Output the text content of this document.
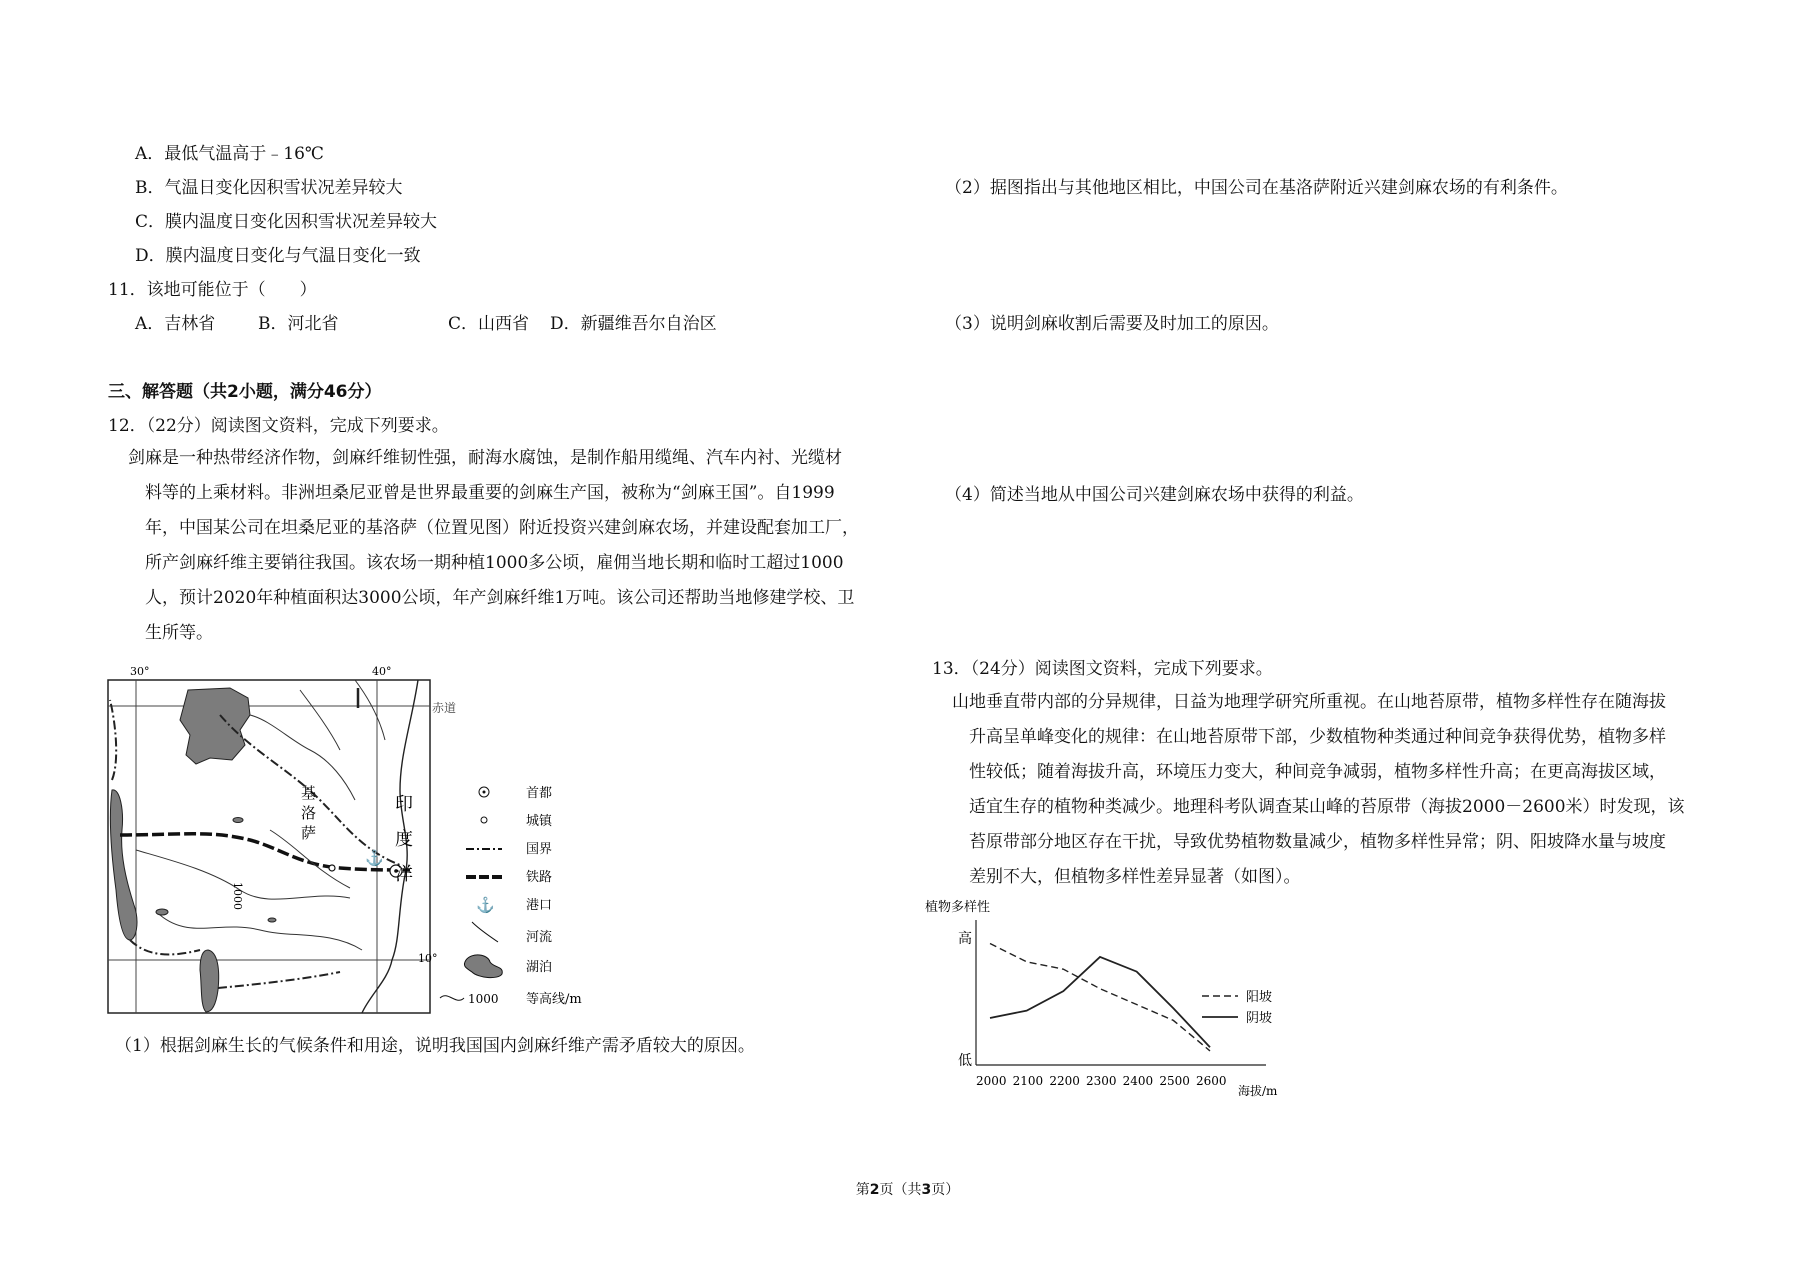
A．最低气温高于﹣16℃
B．气温日变化因积雪状况差异较大
C．膜内温度日变化因积雪状况差异较大
D．膜内温度日变化与气温日变化一致
11．该地可能位于（　　）
A．吉林省	B．河北省	C．山西省 D．新疆维吾尔自治区
三、解答题（共2小题，满分46分）
12．（22分）阅读图文资料，完成下列要求。
剑麻是一种热带经济作物，剑麻纤维韧性强，耐海水腐蚀，是制作船用缆绳、汽车内衬、光缆材
料等的上乘材料。非洲坦桑尼亚曾是世界最重要的剑麻生产国，被称为“剑麻王国”。自1999
年，中国某公司在坦桑尼亚的基洛萨（位置见图）附近投资兴建剑麻农场，并建设配套加工厂，
所产剑麻纤维主要销往我国。该农场一期种植1000多公顷，雇佣当地长期和临时工超过1000
人，预计2020年种植面积达3000公顷，年产剑麻纤维1万吨。该公司还帮助当地修建学校、卫
生所等。
30°	40°
赤道
10°
1000
基
洛
萨
⚓
印
度
洋
首都
城镇
国界
铁路
⚓ 港口
河流
湖泊
1000 等高线/m
（1）根据剑麻生长的气候条件和用途，说明我国国内剑麻纤维产需矛盾较大的原因。
（2）据图指出与其他地区相比，中国公司在基洛萨附近兴建剑麻农场的有利条件。
（3）说明剑麻收割后需要及时加工的原因。
（4）简述当地从中国公司兴建剑麻农场中获得的利益。
13．（24分）阅读图文资料，完成下列要求。
山地垂直带内部的分异规律，日益为地理学研究所重视。在山地苔原带，植物多样性存在随海拔
升高呈单峰变化的规律：在山地苔原带下部，少数植物种类通过种间竞争获得优势，植物多样
性较低；随着海拔升高，环境压力变大，种间竞争减弱，植物多样性升高；在更高海拔区域，
适宜生存的植物种类减少。地理科考队调查某山峰的苔原带（海拔2000－2600米）时发现，该
苔原带部分地区存在干扰，导致优势植物数量减少，植物多样性异常；阴、阳坡降水量与坡度
差别不大，但植物多样性差异显著（如图）。
植物多样性
高
低
2000 2100 2200 2300 2400 2500 2600
海拔/m
阳坡
阴坡
第2页（共3页）
